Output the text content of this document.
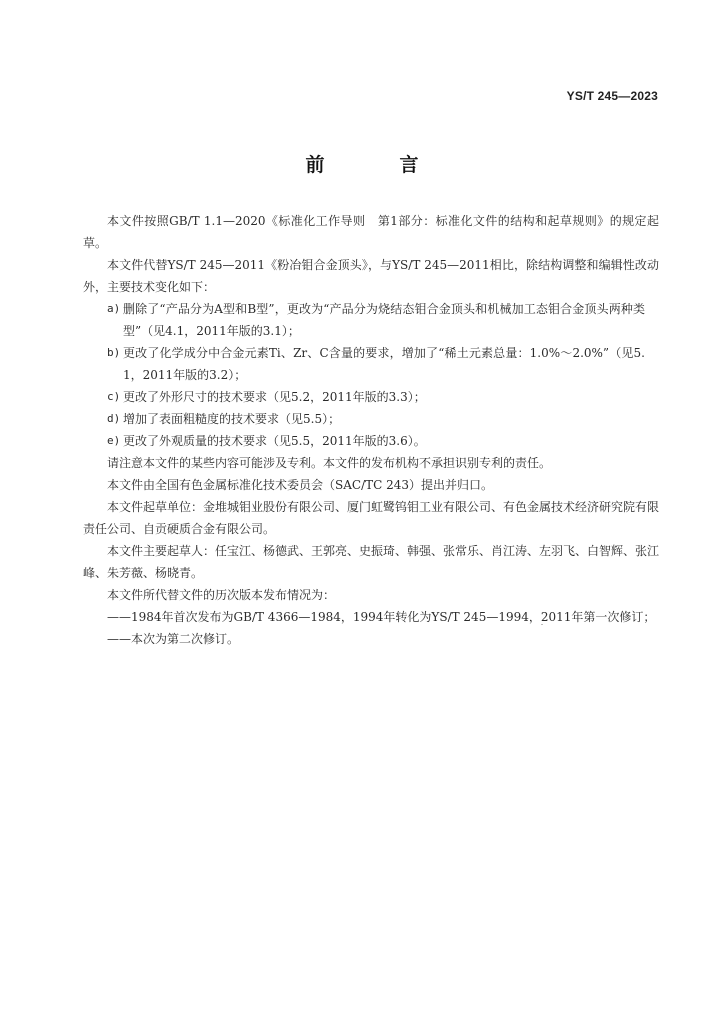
YS/T 245—2023
前　言

本文件按照GB/T 1.1—2020《标准化工作导则　第1部分：标准化文件的结构和起草规则》的规定起草。

本文件代替YS/T 245—2011《粉冶钼合金顶头》，与YS/T 245—2011相比，除结构调整和编辑性改动外，主要技术变化如下：

a) 删除了“产品分为A型和B型”，更改为“产品分为烧结态钼合金顶头和机械加工态钼合金顶头两种类型”（见4.1，2011年版的3.1）；
b) 更改了化学成分中合金元素Ti、Zr、C含量的要求，增加了“稀土元素总量：1.0%～2.0%”（见5.1，2011年版的3.2）；
c) 更改了外形尺寸的技术要求（见5.2，2011年版的3.3）；
d) 增加了表面粗糙度的技术要求（见5.5）；
e) 更改了外观质量的技术要求（见5.5，2011年版的3.6）。

请注意本文件的某些内容可能涉及专利。本文件的发布机构不承担识别专利的责任。

本文件由全国有色金属标准化技术委员会（SAC/TC 243）提出并归口。

本文件起草单位：金堆城钼业股份有限公司、厦门虹鹭钨钼工业有限公司、有色金属技术经济研究院有限责任公司、自贡硬质合金有限公司。

本文件主要起草人：任宝江、杨德武、王郭亮、史振琦、韩强、张常乐、肖江涛、左羽飞、白智辉、张江峰、朱芳薇、杨晓青。

本文件所代替文件的历次版本发布情况为：

——1984年首次发布为GB/T 4366—1984，1994年转化为YS/T 245—1994，2011年第一次修订；

——本次为第二次修订。
